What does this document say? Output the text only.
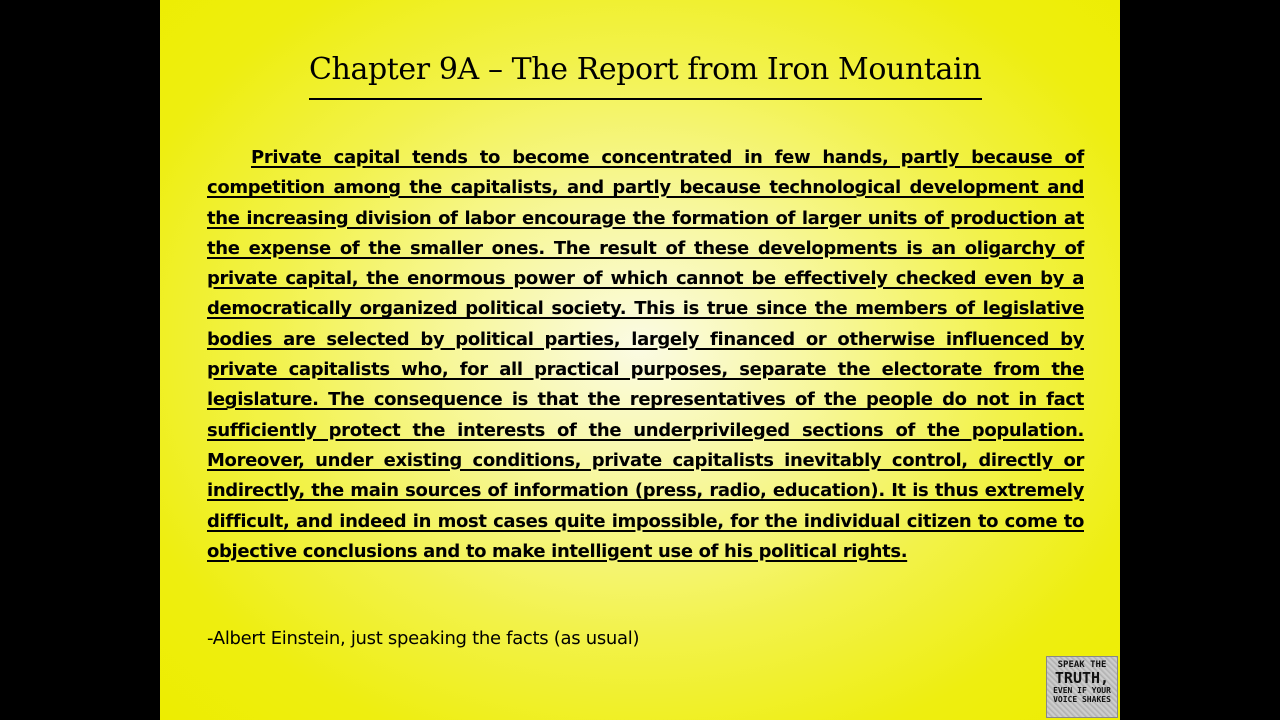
Chapter 9A – The Report from Iron Mountain

Private capital tends to become concentrated in few hands, partly because of competition among the capitalists, and partly because technological development and the increasing division of labor encourage the formation of larger units of production at the expense of the smaller ones. The result of these developments is an oligarchy of private capital, the enormous power of which cannot be effectively checked even by a democratically organized political society. This is true since the members of legislative bodies are selected by political parties, largely financed or otherwise influenced by private capitalists who, for all practical purposes, separate the electorate from the legislature. The consequence is that the representatives of the people do not in fact sufficiently protect the interests of the underprivileged sections of the population. Moreover, under existing conditions, private capitalists inevitably control, directly or indirectly, the main sources of information (press, radio, education). It is thus extremely difficult, and indeed in most cases quite impossible, for the individual citizen to come to objective conclusions and to make intelligent use of his political rights.

-Albert Einstein, just speaking the facts (as usual)
SPEAK THE
TRUTH,
EVEN IF YOUR
VOICE SHAKES
